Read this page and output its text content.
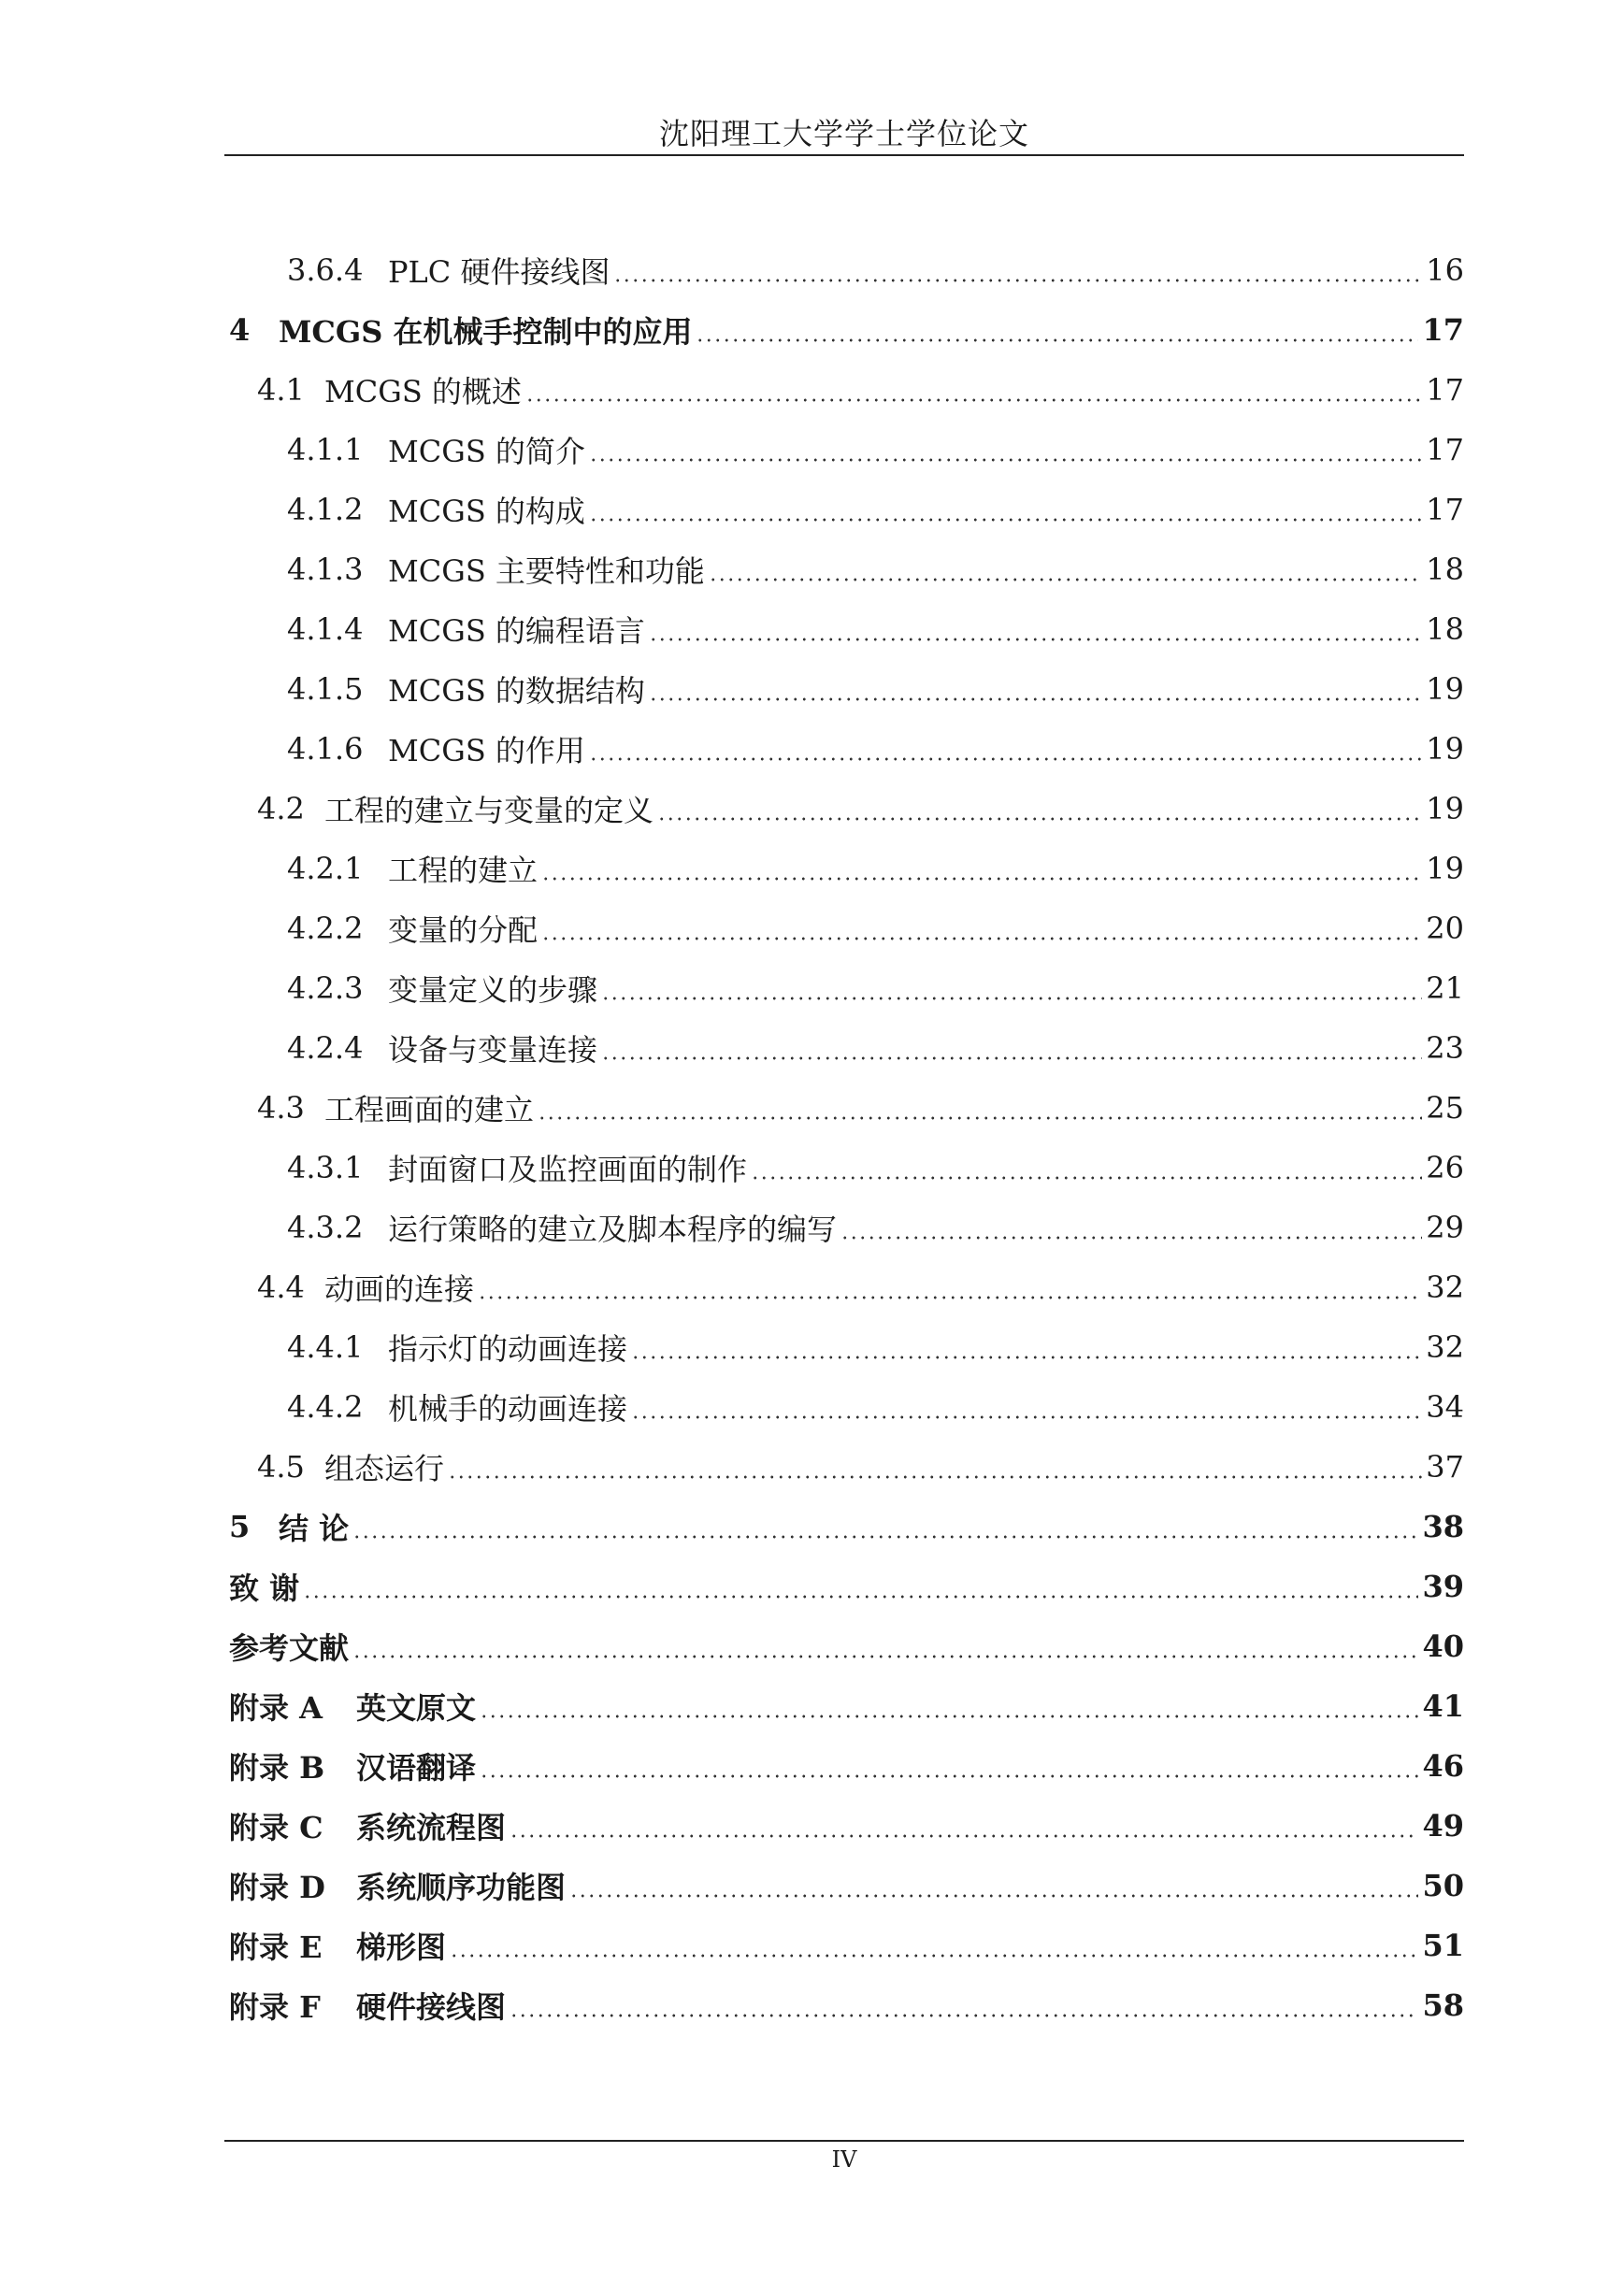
沈阳理工大学学士学位论文
3.6.4 PLC 硬件接线图	16
4 MCGS 在机械手控制中的应用	17
4.1 MCGS 的概述	17
4.1.1 MCGS 的简介	17
4.1.2 MCGS 的构成	17
4.1.3 MCGS 主要特性和功能	18
4.1.4 MCGS 的编程语言	18
4.1.5 MCGS 的数据结构	19
4.1.6 MCGS 的作用	19
4.2 工程的建立与变量的定义	19
4.2.1 工程的建立	19
4.2.2 变量的分配	20
4.2.3 变量定义的步骤	21
4.2.4 设备与变量连接	23
4.3 工程画面的建立	25
4.3.1 封面窗口及监控画面的制作	26
4.3.2 运行策略的建立及脚本程序的编写	29
4.4 动画的连接	32
4.4.1 指示灯的动画连接	32
4.4.2 机械手的动画连接	34
4.5 组态运行	37
5 结 论	38
致 谢	39
参考文献	40
附录 A	英文原文	41
附录 B	汉语翻译	46
附录 C	系统流程图	49
附录 D	系统顺序功能图	50
附录 E	梯形图	51
附录 F	硬件接线图	58
IV
